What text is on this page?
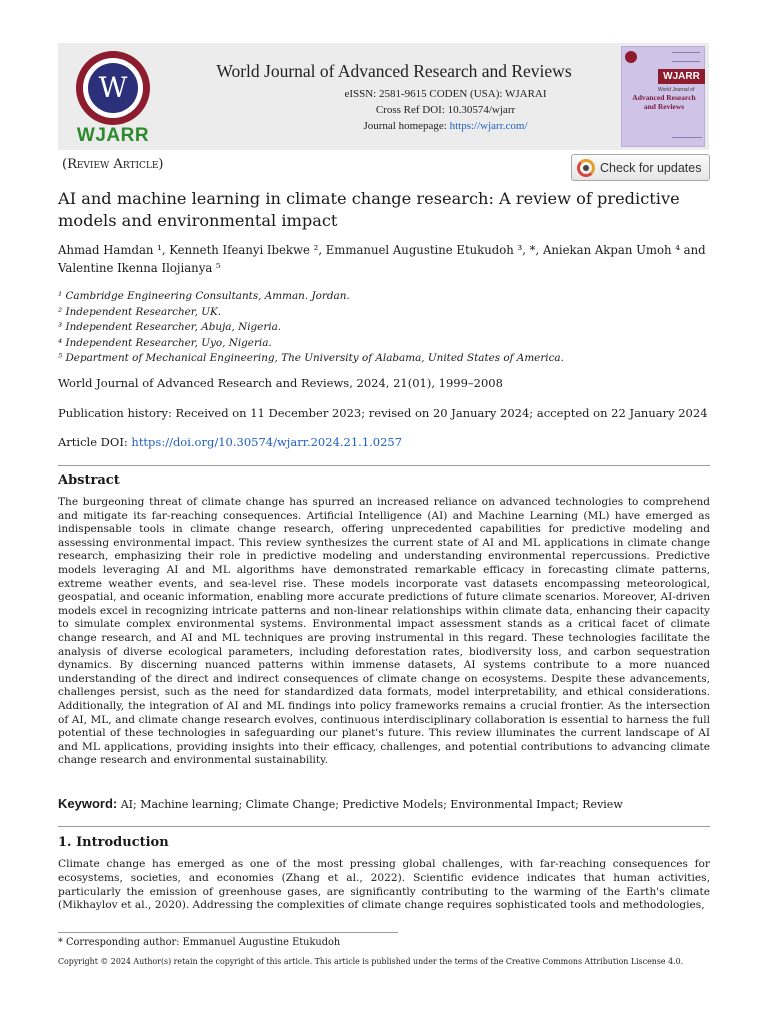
W
WJARR
World Journal of Advanced Research and Reviews
eISSN: 2581-9615 CODEN (USA): WJARAI
Cross Ref DOI: 10.30574/wjarr
Journal homepage: https://wjarr.com/
WJARR
World Journal of
Advanced Research and Reviews
(Review Article)	Check for updates
AI and machine learning in climate change research: A review of predictive models and environmental impact
Ahmad Hamdan ¹, Kenneth Ifeanyi Ibekwe ², Emmanuel Augustine Etukudoh ³, *, Aniekan Akpan Umoh ⁴ and
Valentine Ikenna Ilojianya ⁵
¹ Cambridge Engineering Consultants, Amman. Jordan.
² Independent Researcher, UK.
³ Independent Researcher, Abuja, Nigeria.
⁴ Independent Researcher, Uyo, Nigeria.
⁵ Department of Mechanical Engineering, The University of Alabama, United States of America.
World Journal of Advanced Research and Reviews, 2024, 21(01), 1999–2008
Publication history: Received on 11 December 2023; revised on 20 January 2024; accepted on 22 January 2024
Article DOI: https://doi.org/10.30574/wjarr.2024.21.1.0257
Abstract
The burgeoning threat of climate change has spurred an increased reliance on advanced technologies to comprehend and mitigate its far-reaching consequences. Artificial Intelligence (AI) and Machine Learning (ML) have emerged as indispensable tools in climate change research, offering unprecedented capabilities for predictive modeling and assessing environmental impact. This review synthesizes the current state of AI and ML applications in climate change research, emphasizing their role in predictive modeling and understanding environmental repercussions. Predictive models leveraging AI and ML algorithms have demonstrated remarkable efficacy in forecasting climate patterns, extreme weather events, and sea-level rise. These models incorporate vast datasets encompassing meteorological, geospatial, and oceanic information, enabling more accurate predictions of future climate scenarios. Moreover, AI-driven models excel in recognizing intricate patterns and non-linear relationships within climate data, enhancing their capacity to simulate complex environmental systems. Environmental impact assessment stands as a critical facet of climate change research, and AI and ML techniques are proving instrumental in this regard. These technologies facilitate the analysis of diverse ecological parameters, including deforestation rates, biodiversity loss, and carbon sequestration dynamics. By discerning nuanced patterns within immense datasets, AI systems contribute to a more nuanced understanding of the direct and indirect consequences of climate change on ecosystems. Despite these advancements, challenges persist, such as the need for standardized data formats, model interpretability, and ethical considerations. Additionally, the integration of AI and ML findings into policy frameworks remains a crucial frontier. As the intersection of AI, ML, and climate change research evolves, continuous interdisciplinary collaboration is essential to harness the full potential of these technologies in safeguarding our planet's future. This review illuminates the current landscape of AI and ML applications, providing insights into their efficacy, challenges, and potential contributions to advancing climate change research and environmental sustainability.
Keyword: AI; Machine learning; Climate Change; Predictive Models; Environmental Impact; Review
1. Introduction
Climate change has emerged as one of the most pressing global challenges, with far-reaching consequences for ecosystems, societies, and economies (Zhang et al., 2022). Scientific evidence indicates that human activities, particularly the emission of greenhouse gases, are significantly contributing to the warming of the Earth's climate (Mikhaylov et al., 2020). Addressing the complexities of climate change requires sophisticated tools and methodologies,
* Corresponding author: Emmanuel Augustine Etukudoh
Copyright © 2024 Author(s) retain the copyright of this article. This article is published under the terms of the Creative Commons Attribution Liscense 4.0.
